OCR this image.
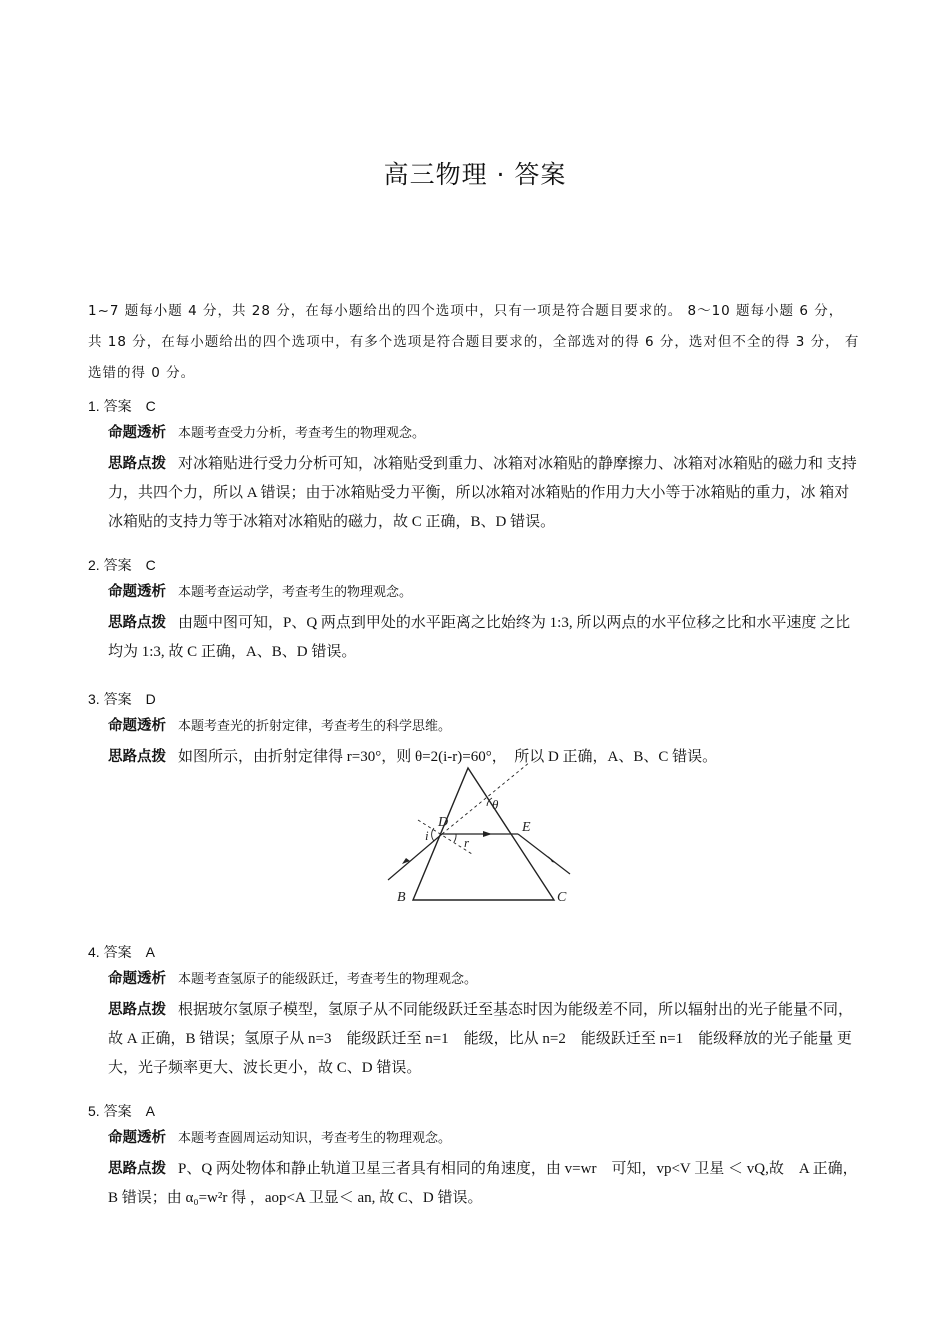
高三物理 · 答案
1~7 题每小题 4 分，共 28 分，在每小题给出的四个选项中，只有一项是符合题目要求的。 8～10 题每小题 6 分， 共 18 分，在每小题给出的四个选项中，有多个选项是符合题目要求的，全部选对的得 6 分，选对但不全的得 3 分， 有选错的得 0 分。
1. 答案　C
命题透析 本题考查受力分析，考查考生的物理观念。
思路点拨 对冰箱贴进行受力分析可知，冰箱贴受到重力、冰箱对冰箱贴的静摩擦力、冰箱对冰箱贴的磁力和 支持力，共四个力，所以 A 错误；由于冰箱贴受力平衡，所以冰箱对冰箱贴的作用力大小等于冰箱贴的重力，冰 箱对冰箱贴的支持力等于冰箱对冰箱贴的磁力，故 C 正确，B、D 错误。
2. 答案　C
命题透析 本题考查运动学，考查考生的物理观念。
思路点拨 由题中图可知，P、Q 两点到甲处的水平距离之比始终为 1:3, 所以两点的水平位移之比和水平速度 之比均为 1:3, 故 C 正确，A、B、D 错误。
3. 答案　D
命题透析 本题考查光的折射定律，考查考生的科学思维。
思路点拨 如图所示，由折射定律得 r=30°，则 θ=2(i-r)=60°，　所以 D 正确，A、B、C 错误。
B	C
D	E
i	r
θ
4. 答案　A
命题透析 本题考查氢原子的能级跃迁，考查考生的物理观念。
思路点拨 根据玻尔氢原子模型，氢原子从不同能级跃迁至基态时因为能级差不同，所以辐射出的光子能量不同，故 A 正确，B 错误；氢原子从 n=3　能级跃迁至 n=1　能级，比从 n=2　能级跃迁至 n=1　能级释放的光子能量 更大，光子频率更大、波长更小，故 C、D 错误。
5. 答案　A
命题透析 本题考查圆周运动知识，考查考生的物理观念。
思路点拨 P、Q 两处物体和静止轨道卫星三者具有相同的角速度，由 v=wr　可知，vp<V 卫星 ＜ vQ,故　A 正确，B 错误；由 α₀=w²r 得 ，aop<A 卫显＜ an, 故 C、D 错误。
